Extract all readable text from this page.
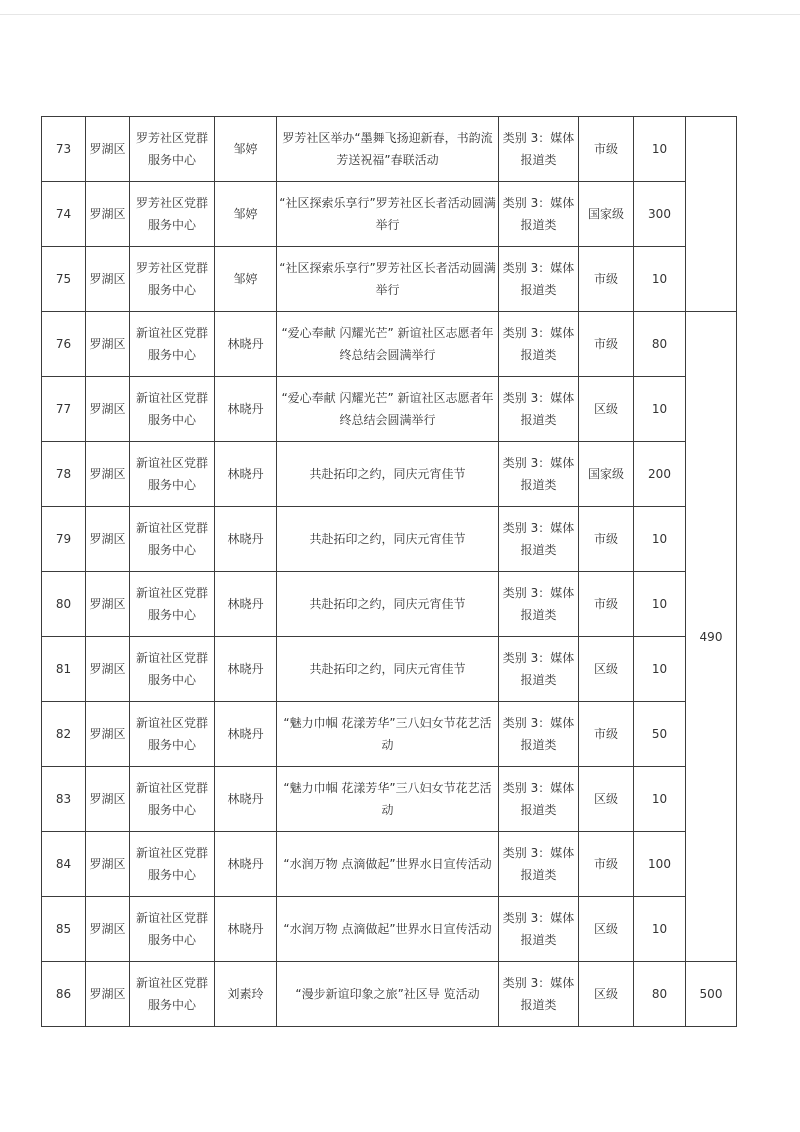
73	罗湖区	罗芳社区党群服务中心	邹婷	罗芳社区举办“墨舞飞扬迎新春，书韵流芳送祝福”春联活动	类别 3：媒体报道类	市级	10	
74	罗湖区	罗芳社区党群服务中心	邹婷	“社区探索乐享行”罗芳社区长者活动圆满举行	类别 3：媒体报道类	国家级	300	
75	罗湖区	罗芳社区党群服务中心	邹婷	“社区探索乐享行”罗芳社区长者活动圆满举行	类别 3：媒体报道类	市级	10	
76	罗湖区	新谊社区党群服务中心	林晓丹	“爱心奉献 闪耀光芒” 新谊社区志愿者年终总结会圆满举行	类别 3：媒体报道类	市级	80	490
77	罗湖区	新谊社区党群服务中心	林晓丹	“爱心奉献 闪耀光芒” 新谊社区志愿者年终总结会圆满举行	类别 3：媒体报道类	区级	10	
78	罗湖区	新谊社区党群服务中心	林晓丹	共赴拓印之约，同庆元宵佳节	类别 3：媒体报道类	国家级	200	
79	罗湖区	新谊社区党群服务中心	林晓丹	共赴拓印之约，同庆元宵佳节	类别 3：媒体报道类	市级	10	
80	罗湖区	新谊社区党群服务中心	林晓丹	共赴拓印之约，同庆元宵佳节	类别 3：媒体报道类	市级	10	
81	罗湖区	新谊社区党群服务中心	林晓丹	共赴拓印之约，同庆元宵佳节	类别 3：媒体报道类	区级	10	
82	罗湖区	新谊社区党群服务中心	林晓丹	“魅力巾帼 花漾芳华”三八妇女节花艺活动	类别 3：媒体报道类	市级	50	
83	罗湖区	新谊社区党群服务中心	林晓丹	“魅力巾帼 花漾芳华”三八妇女节花艺活动	类别 3：媒体报道类	区级	10	
84	罗湖区	新谊社区党群服务中心	林晓丹	“水润万物 点滴做起”世界水日宣传活动	类别 3：媒体报道类	市级	100	
85	罗湖区	新谊社区党群服务中心	林晓丹	“水润万物 点滴做起”世界水日宣传活动	类别 3：媒体报道类	区级	10	
86	罗湖区	新谊社区党群服务中心	刘素玲	“漫步新谊印象之旅”社区导 览活动	类别 3：媒体报道类	区级	80	500
